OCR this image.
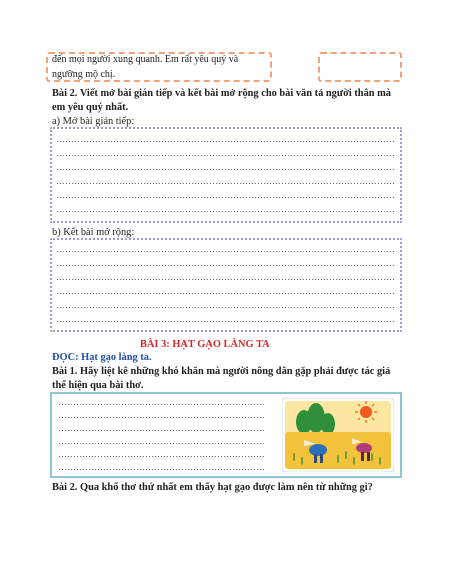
đến mọi người xung quanh. Em rất yêu quý và
ngưỡng mộ chị.
Bài 2. Viết mở bài gián tiếp và kết bài mở rộng cho bài văn tả người thân mà
em yêu quý nhất.
a) Mở bài gián tiếp:
b) Kết bài mở rộng:
BÀI 3: HẠT GẠO LÀNG TA
ĐỌC: Hạt gạo làng ta.
Bài 1. Hãy liệt kê những khó khăn mà người nông dân gặp phải được tác giả
thể hiện qua bài thơ.
Bài 2. Qua khổ thơ thứ nhất em thấy hạt gạo được làm nên từ những gì?
